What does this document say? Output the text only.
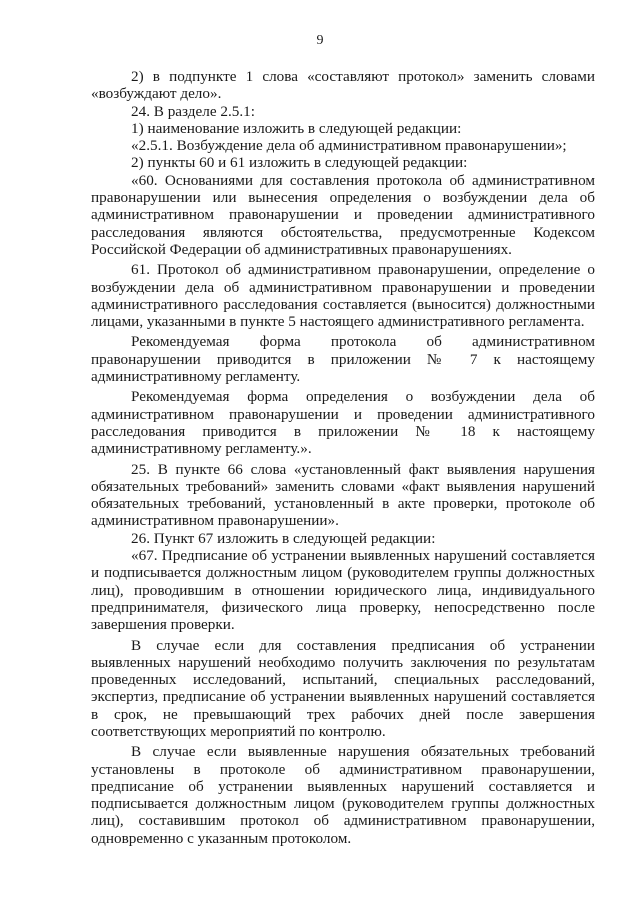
9

2) в подпункте 1 слова «составляют протокол» заменить словами «возбуждают дело».

24. В разделе 2.5.1:

1) наименование изложить в следующей редакции:

«2.5.1. Возбуждение дела об административном правонарушении»;

2) пункты 60 и 61 изложить в следующей редакции:

«60. Основаниями для составления протокола об административном правонарушении или вынесения определения о возбуждении дела об административном правонарушении и проведении административного расследования являются обстоятельства, предусмотренные Кодексом Российской Федерации об административных правонарушениях.

61. Протокол об административном правонарушении, определение о возбуждении дела об административном правонарушении и проведении административного расследования составляется (выносится) должностными лицами, указанными в пункте 5 настоящего административного регламента.

Рекомендуемая форма протокола об административном правонарушении приводится в приложении № 7 к настоящему административному регламенту.

Рекомендуемая форма определения о возбуждении дела об административном правонарушении и проведении административного расследования приводится в приложении № 18 к настоящему административному регламенту.».

25. В пункте 66 слова «установленный факт выявления нарушения обязательных требований» заменить словами «факт выявления нарушений обязательных требований, установленный в акте проверки, протоколе об административном правонарушении».

26. Пункт 67 изложить в следующей редакции:

«67. Предписание об устранении выявленных нарушений составляется и подписывается должностным лицом (руководителем группы должностных лиц), проводившим в отношении юридического лица, индивидуального предпринимателя, физического лица проверку, непосредственно после завершения проверки.

В случае если для составления предписания об устранении выявленных нарушений необходимо получить заключения по результатам проведенных исследований, испытаний, специальных расследований, экспертиз, предписание об устранении выявленных нарушений составляется в срок, не превышающий трех рабочих дней после завершения соответствующих мероприятий по контролю.

В случае если выявленные нарушения обязательных требований установлены в протоколе об административном правонарушении, предписание об устранении выявленных нарушений составляется и подписывается должностным лицом (руководителем группы должностных лиц), составившим протокол об административном правонарушении, одновременно с указанным протоколом.
